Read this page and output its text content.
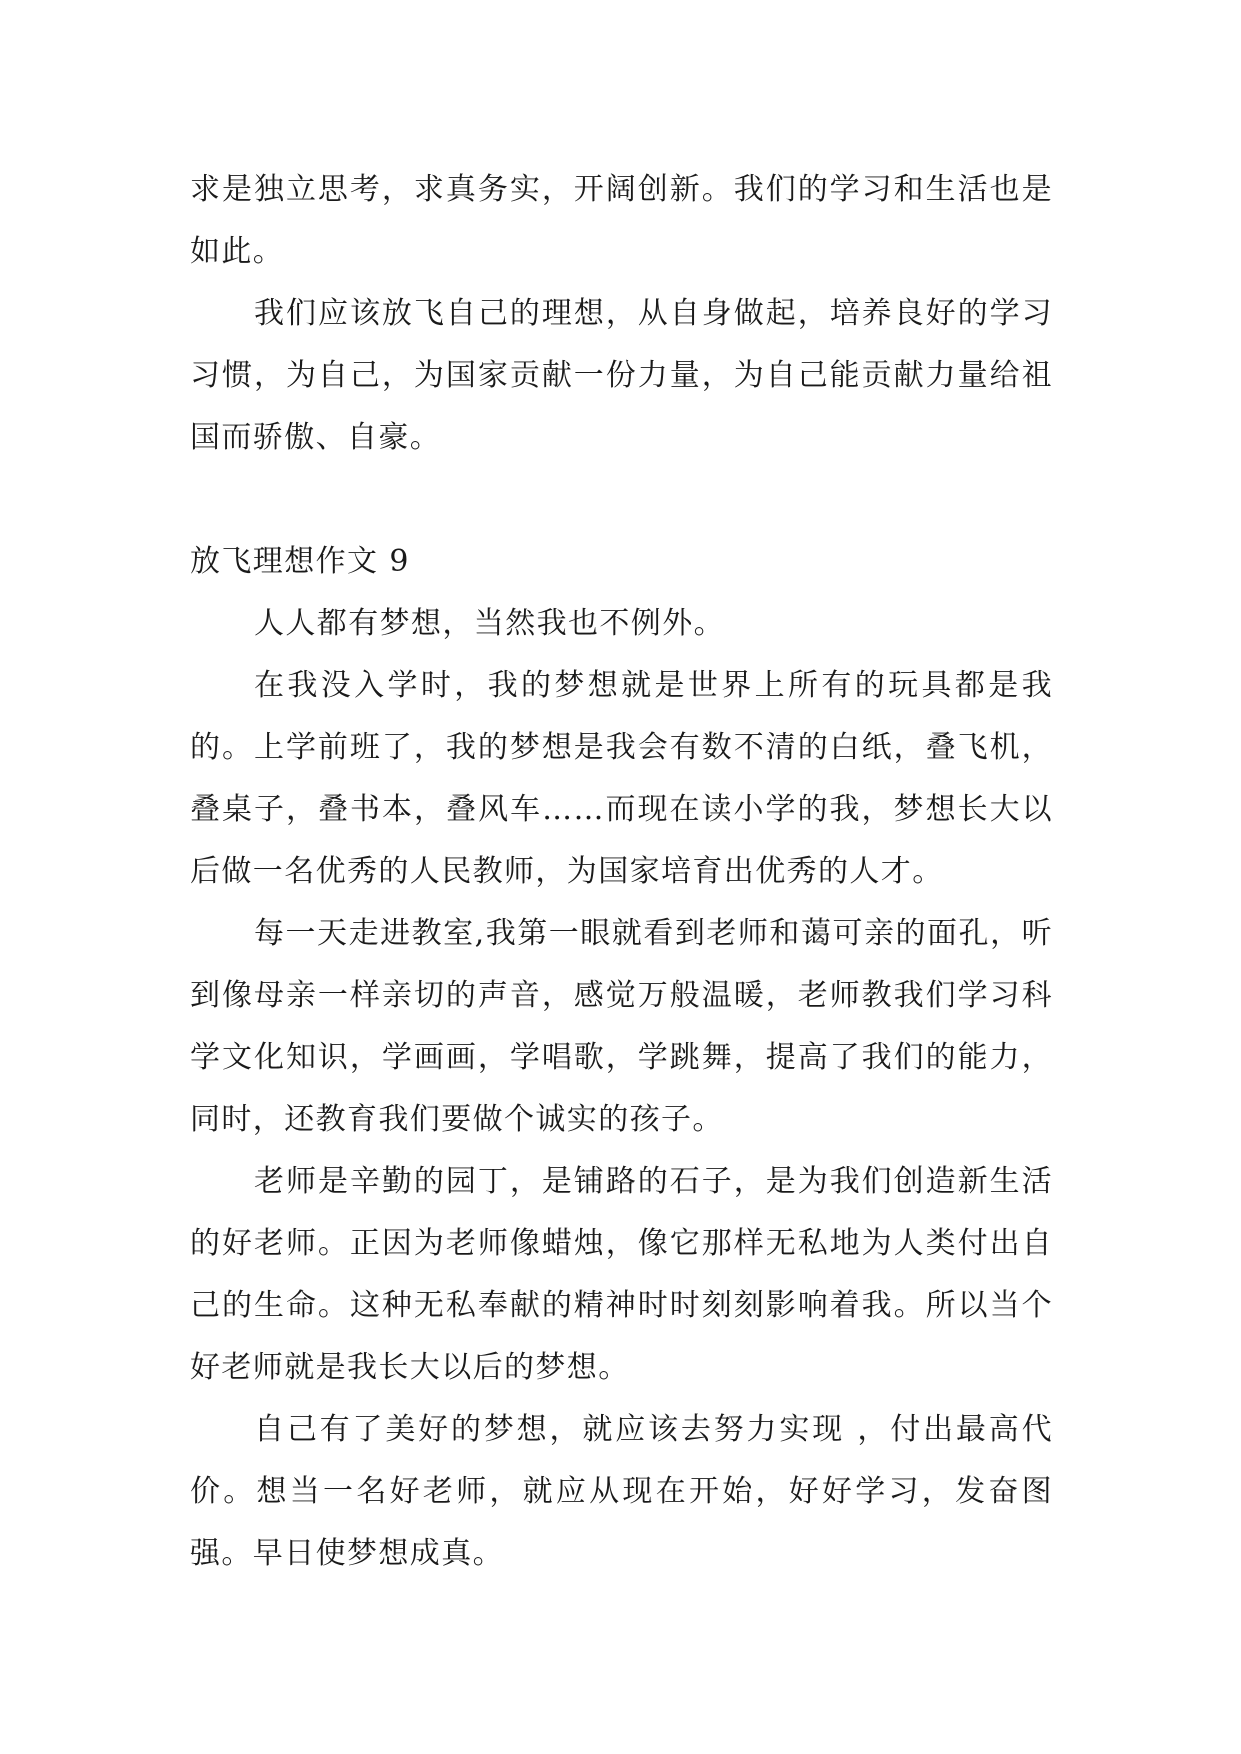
求是独立思考，求真务实，开阔创新。我们的学习和生活也是如此。

我们应该放飞自己的理想，从自身做起，培养良好的学习习惯，为自己，为国家贡献一份力量，为自己能贡献力量给祖国而骄傲、自豪。

放飞理想作文 9

人人都有梦想，当然我也不例外。

在我没入学时，我的梦想就是世界上所有的玩具都是我的。上学前班了，我的梦想是我会有数不清的白纸，叠飞机，叠桌子，叠书本，叠风车……而现在读小学的我，梦想长大以后做一名优秀的人民教师，为国家培育出优秀的人才。

每一天走进教室,我第一眼就看到老师和蔼可亲的面孔，听到像母亲一样亲切的声音，感觉万般温暖，老师教我们学习科学文化知识，学画画，学唱歌，学跳舞，提高了我们的能力，同时，还教育我们要做个诚实的孩子。

老师是辛勤的园丁，是铺路的石子，是为我们创造新生活的好老师。正因为老师像蜡烛，像它那样无私地为人类付出自己的生命。这种无私奉献的精神时时刻刻影响着我。所以当个好老师就是我长大以后的梦想。

自己有了美好的梦想，就应该去努力实现 ，付出最高代价。想当一名好老师，就应从现在开始，好好学习，发奋图强。早日使梦想成真。
